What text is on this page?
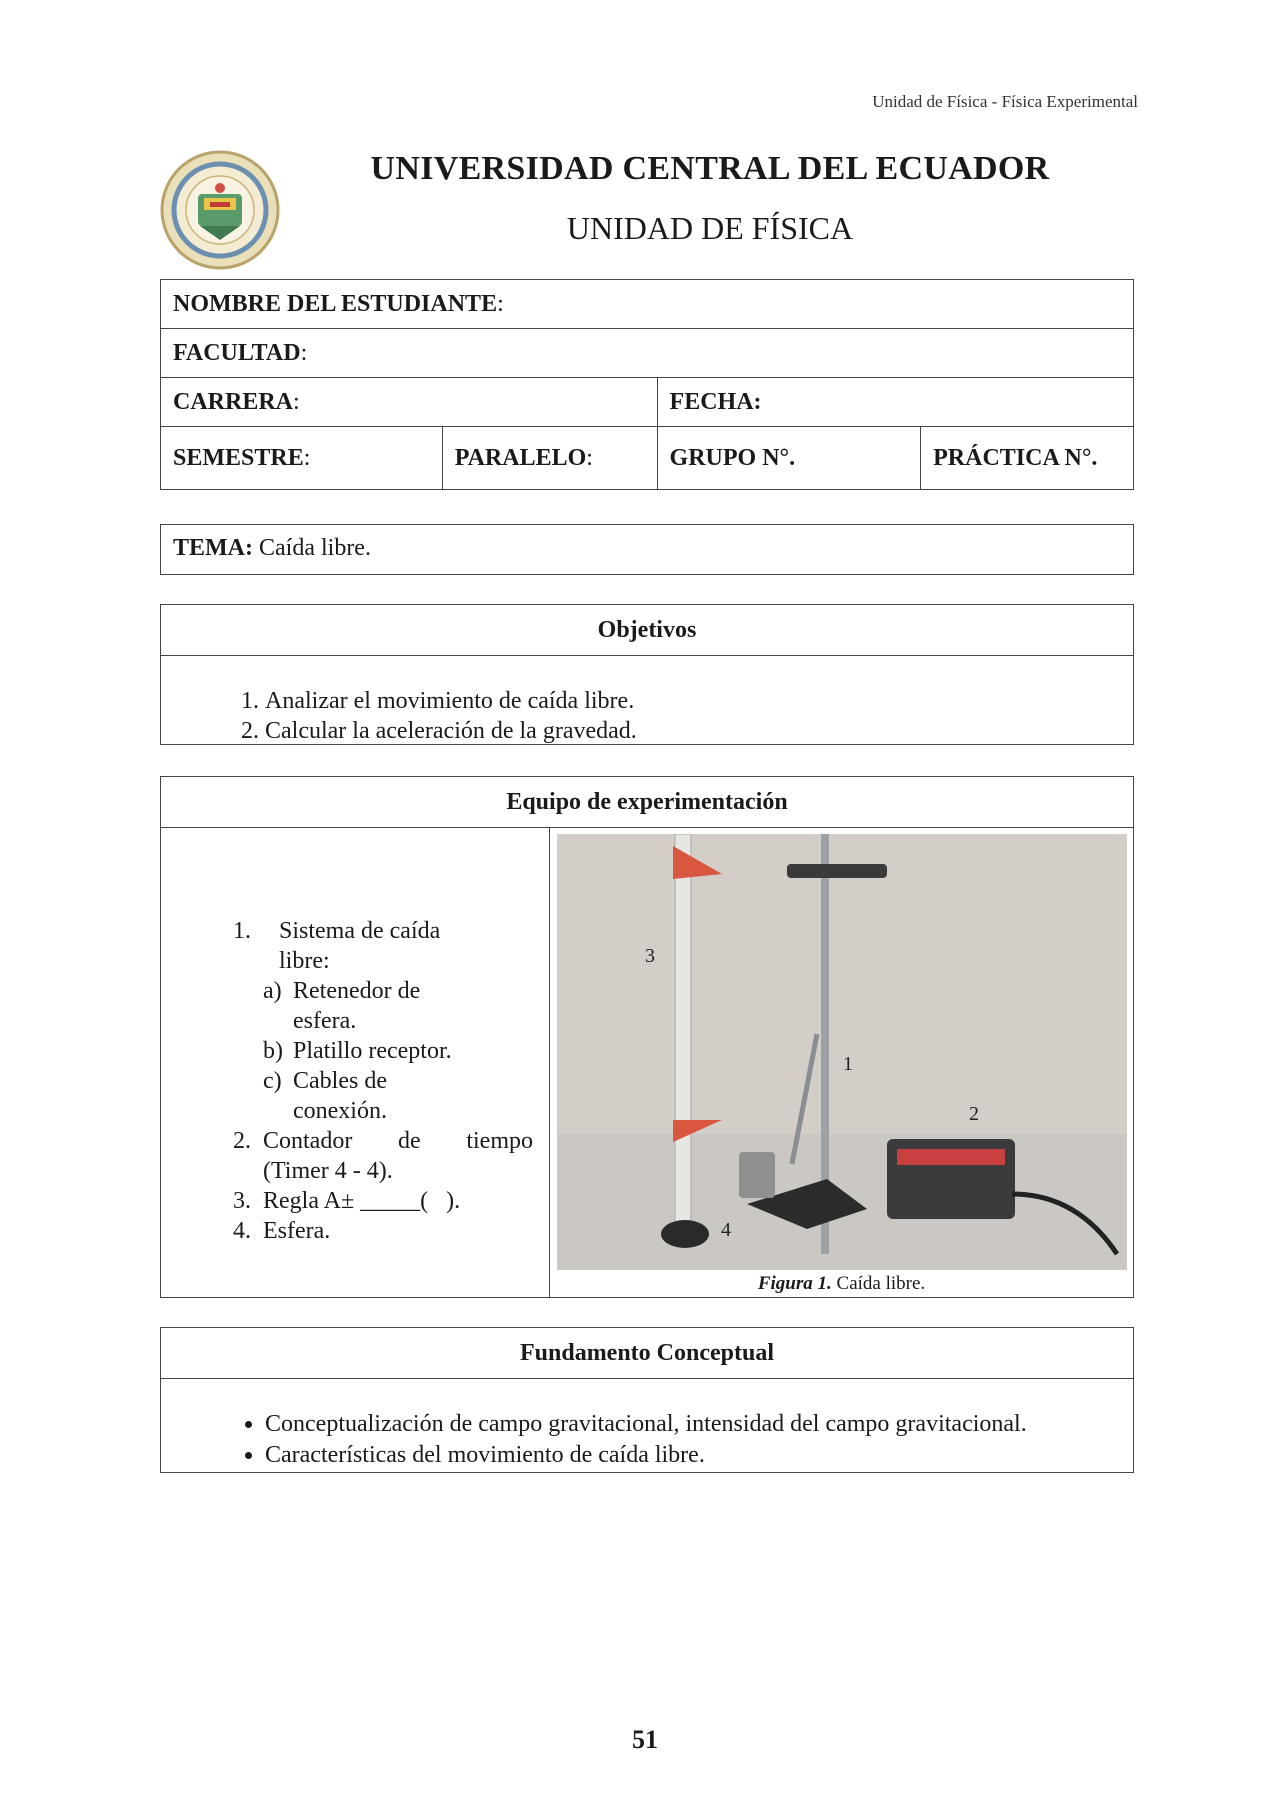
Unidad de Física - Física Experimental
UNIVERSIDAD CENTRAL DEL ECUADOR
UNIDAD DE FÍSICA
NOMBRE DEL ESTUDIANTE:			
FACULTAD:			
CARRERA:		FECHA:	
SEMESTRE:	PARALELO:	GRUPO N°.	PRÁCTICA N°.
TEMA: Caída libre.
Objetivos
1. Analizar el movimiento de caída libre.
2. Calcular la aceleración de la gravedad.
Equipo de experimentación
1.	Sistema de caída libre:
a) Retenedor de esfera.
b) Platillo receptor.
c) Cables de conexión.
2. Contador de tiempo
(Timer 4 - 4).
3. Regla A± _____(   ).
4. Esfera.
3
1
2
4
Figura 1. Caída libre.
Fundamento Conceptual
• Conceptualización de campo gravitacional, intensidad del campo gravitacional.
• Características del movimiento de caída libre.
51
